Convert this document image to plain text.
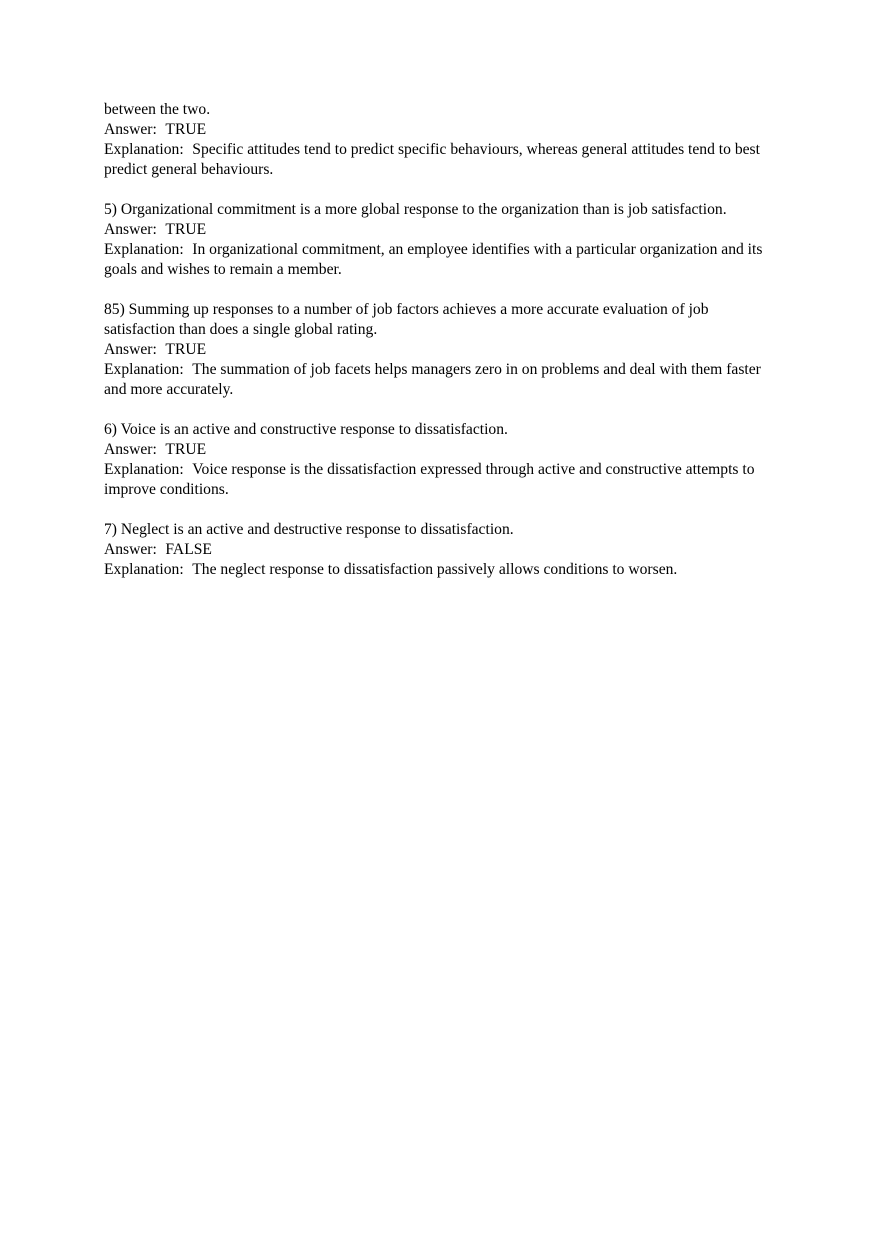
between the two.

Answer: TRUE

Explanation: Specific attitudes tend to predict specific behaviours, whereas general attitudes tend to best predict general behaviours.

5) Organizational commitment is a more global response to the organization than is job satisfaction.

Answer: TRUE

Explanation: In organizational commitment, an employee identifies with a particular organization and its goals and wishes to remain a member.

85) Summing up responses to a number of job factors achieves a more accurate evaluation of job satisfaction than does a single global rating.

Answer: TRUE

Explanation: The summation of job facets helps managers zero in on problems and deal with them faster and more accurately.

6) Voice is an active and constructive response to dissatisfaction.

Answer: TRUE

Explanation: Voice response is the dissatisfaction expressed through active and constructive attempts to improve conditions.

7) Neglect is an active and destructive response to dissatisfaction.

Answer: FALSE

Explanation: The neglect response to dissatisfaction passively allows conditions to worsen.
